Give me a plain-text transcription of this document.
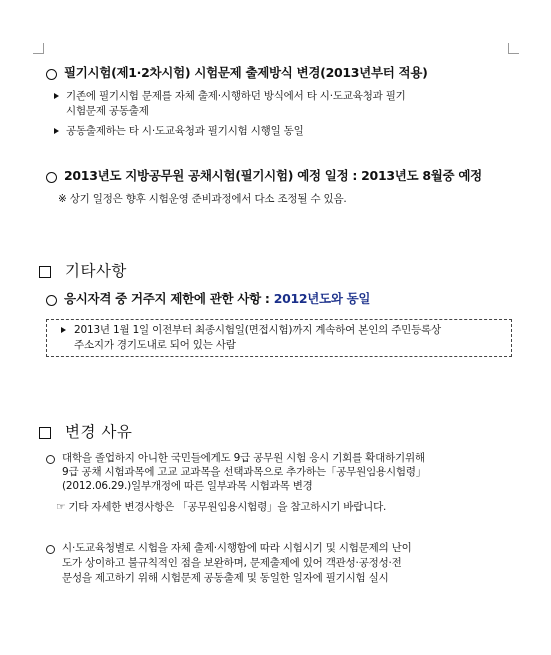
필기시험(제1·2차시험) 시험문제 출제방식 변경(2013년부터 적용)
기존에 필기시험 문제를 자체 출제·시행하던 방식에서 타 시·도교육청과 필기
시험문제 공동출제
공동출제하는 타 시·도교육청과 필기시험 시행일 동일
2013년도 지방공무원 공채시험(필기시험) 예정 일정 : 2013년도 8월중 예정
※ 상기 일정은 향후 시험운영 준비과정에서 다소 조정될 수 있음.
기타사항
응시자격 중 거주지 제한에 관한 사항 : 2012년도와 동일
2013년 1월 1일 이전부터 최종시험일(면접시험)까지 계속하여 본인의 주민등록상
주소지가 경기도내로 되어 있는 사람
변경 사유
대학을 졸업하지 아니한 국민들에게도 9급 공무원 시험 응시 기회를 확대하기위해
9급 공채 시험과목에 고교 교과목을 선택과목으로 추가하는「공무원임용시험령」
(2012.06.29.)일부개정에 따른 일부과목 시험과목 변경
☞ 기타 자세한 변경사항은 「공무원임용시험령」을 참고하시기 바랍니다.
시·도교육청별로 시험을 자체 출제·시행함에 따라 시험시기 및 시험문제의 난이
도가 상이하고 불규칙적인 점을 보완하며, 문제출제에 있어 객관성·공정성·전
문성을 제고하기 위해 시험문제 공동출제 및 동일한 일자에 필기시험 실시
